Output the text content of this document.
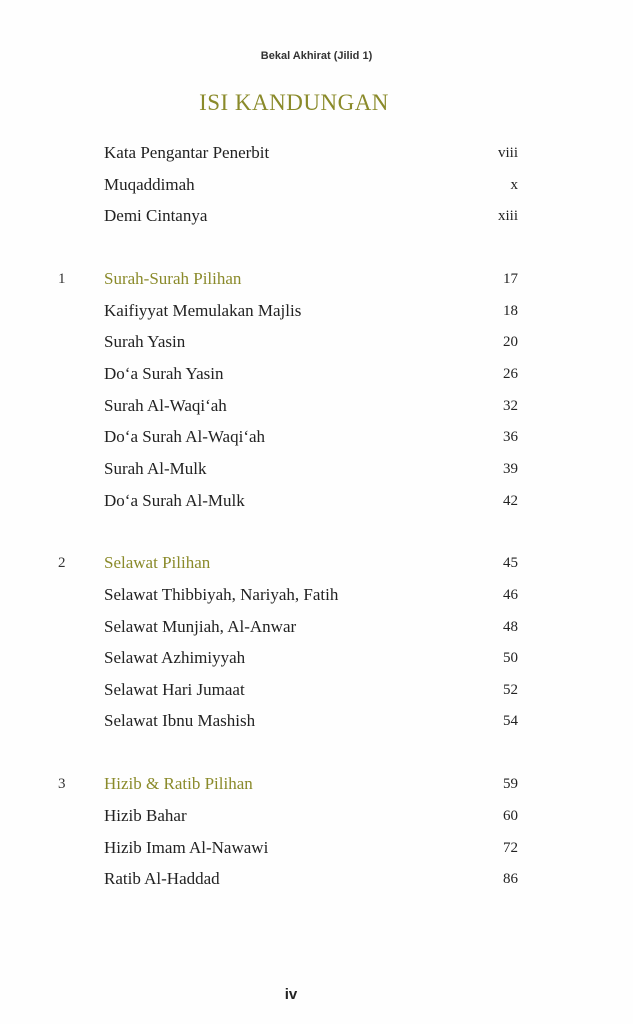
Bekal Akhirat (Jilid 1)
ISI KANDUNGAN
Kata Pengantar Penerbit	viii
Muqaddimah	x
Demi Cintanya	xiii
1	Surah-Surah Pilihan	17
Kaifiyyat Memulakan Majlis	18
Surah Yasin	20
Do‘a Surah Yasin	26
Surah Al-Waqi‘ah	32
Do‘a Surah Al-Waqi‘ah	36
Surah Al-Mulk	39
Do‘a Surah Al-Mulk	42
2	Selawat Pilihan	45
Selawat Thibbiyah, Nariyah, Fatih	46
Selawat Munjiah, Al-Anwar	48
Selawat Azhimiyyah	50
Selawat Hari Jumaat	52
Selawat Ibnu Mashish	54
3	Hizib & Ratib Pilihan	59
Hizib Bahar	60
Hizib Imam Al-Nawawi	72
Ratib Al-Haddad	86
iv
